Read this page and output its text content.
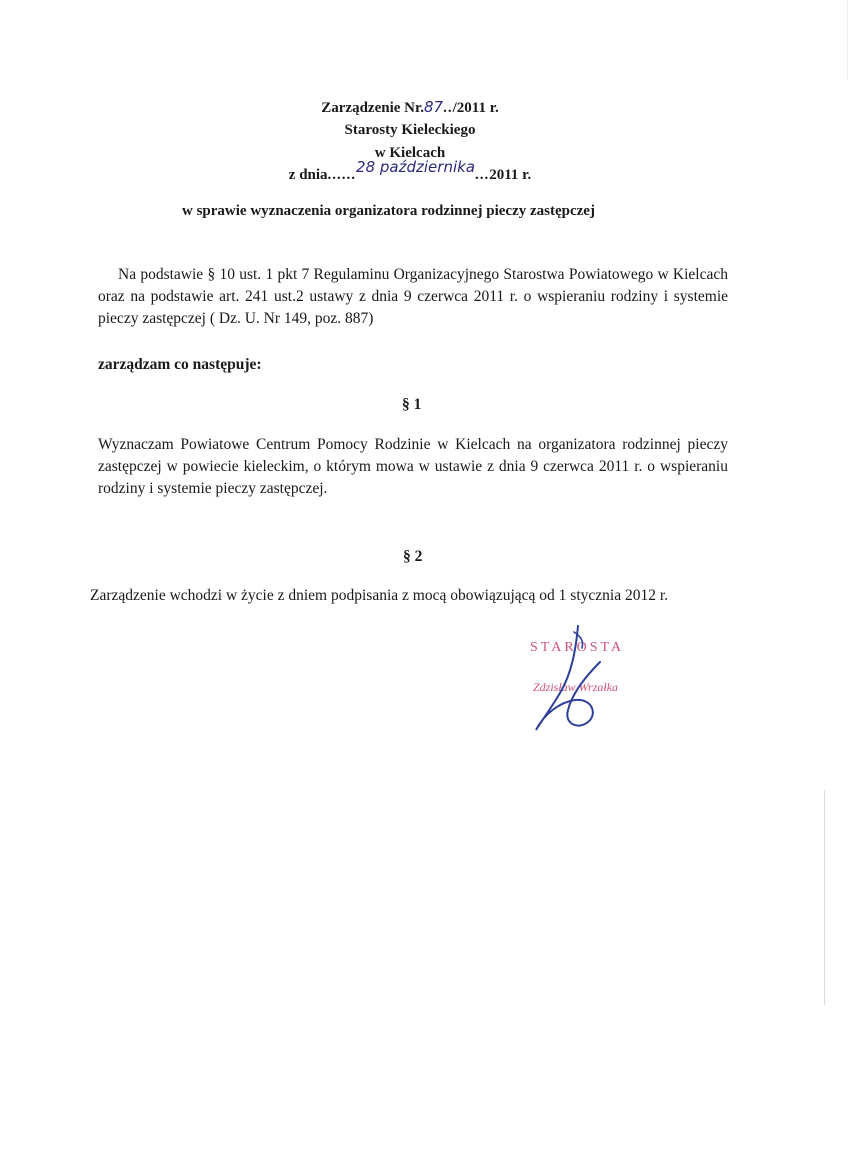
Zarządzenie Nr.87../2011 r.
Starosty Kieleckiego
w Kielcach
z dnia......28 października...2011 r.
w sprawie wyznaczenia organizatora rodzinnej pieczy zastępczej
Na podstawie § 10 ust. 1 pkt 7 Regulaminu Organizacyjnego Starostwa Powiatowego w Kielcach oraz na podstawie art. 241 ust.2 ustawy z dnia 9 czerwca 2011 r. o wspieraniu rodziny i systemie pieczy zastępczej ( Dz. U. Nr 149, poz. 887)
zarządzam co następuje:
§ 1
Wyznaczam Powiatowe Centrum Pomocy Rodzinie w Kielcach na organizatora rodzinnej pieczy zastępczej w powiecie kieleckim, o którym mowa w ustawie z dnia 9 czerwca 2011 r. o wspieraniu rodziny i systemie pieczy zastępczej.
§ 2
Zarządzenie wchodzi w życie z dniem podpisania z mocą obowiązującą od 1 stycznia 2012 r.
STAROSTA
Zdzisław Wrzałka
